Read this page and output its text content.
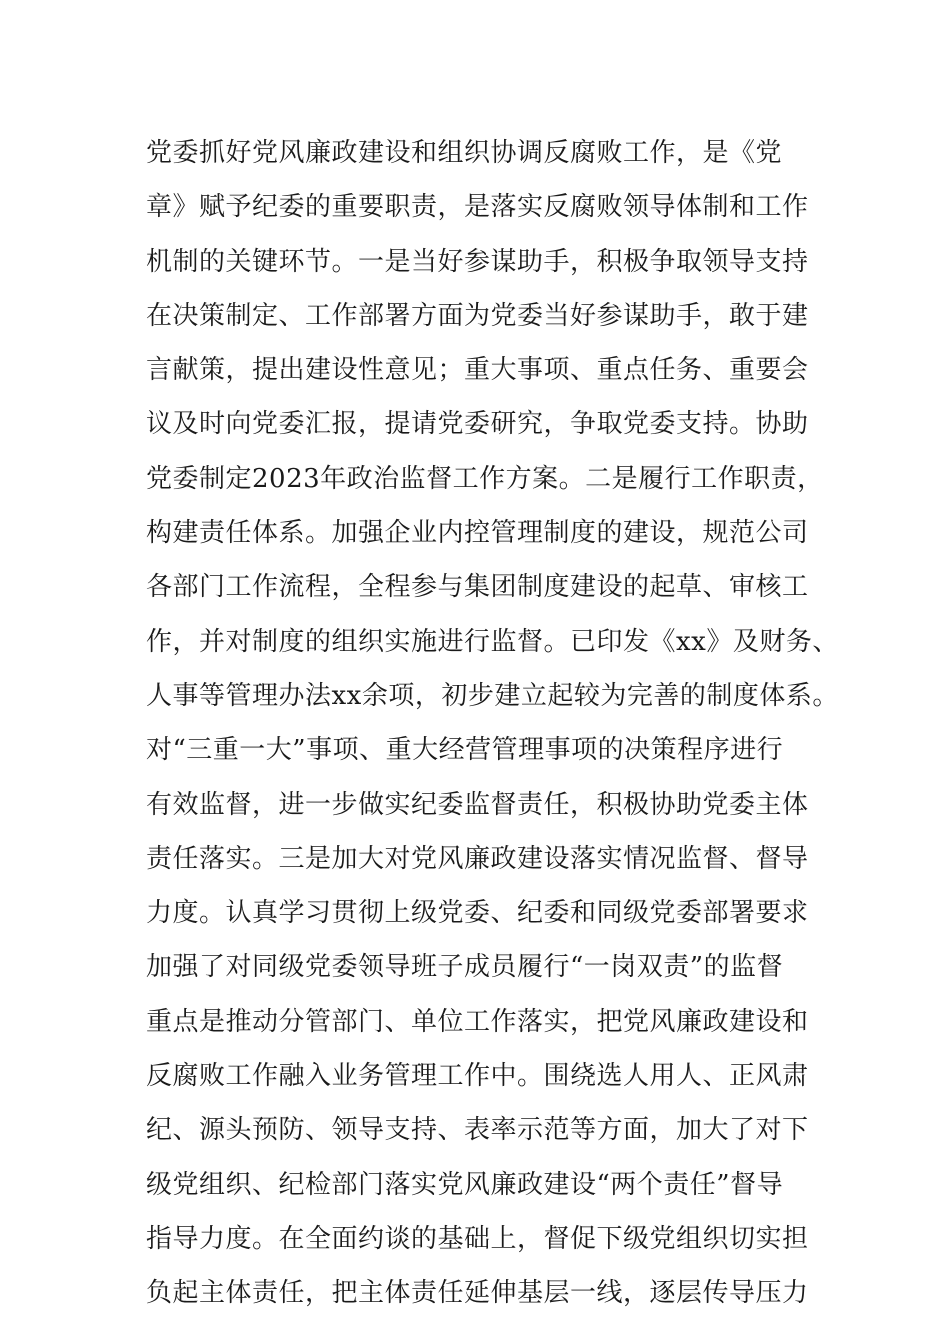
党委抓好党风廉政建设和组织协调反腐败工作，是《党
章》赋予纪委的重要职责，是落实反腐败领导体制和工作
机制的关键环节。一是当好参谋助手，积极争取领导支持
在决策制定、工作部署方面为党委当好参谋助手，敢于建
言献策，提出建设性意见；重大事项、重点任务、重要会
议及时向党委汇报，提请党委研究，争取党委支持。协助
党委制定2023年政治监督工作方案。二是履行工作职责，
构建责任体系。加强企业内控管理制度的建设，规范公司
各部门工作流程，全程参与集团制度建设的起草、审核工
作，并对制度的组织实施进行监督。已印发《xx》及财务、
人事等管理办法xx余项，初步建立起较为完善的制度体系。
对“三重一大”事项、重大经营管理事项的决策程序进行
有效监督，进一步做实纪委监督责任，积极协助党委主体
责任落实。三是加大对党风廉政建设落实情况监督、督导
力度。认真学习贯彻上级党委、纪委和同级党委部署要求
加强了对同级党委领导班子成员履行“一岗双责”的监督
重点是推动分管部门、单位工作落实，把党风廉政建设和
反腐败工作融入业务管理工作中。围绕选人用人、正风肃
纪、源头预防、领导支持、表率示范等方面，加大了对下
级党组织、纪检部门落实党风廉政建设“两个责任”督导
指导力度。在全面约谈的基础上，督促下级党组织切实担
负起主体责任，把主体责任延伸基层一线，逐层传导压力
